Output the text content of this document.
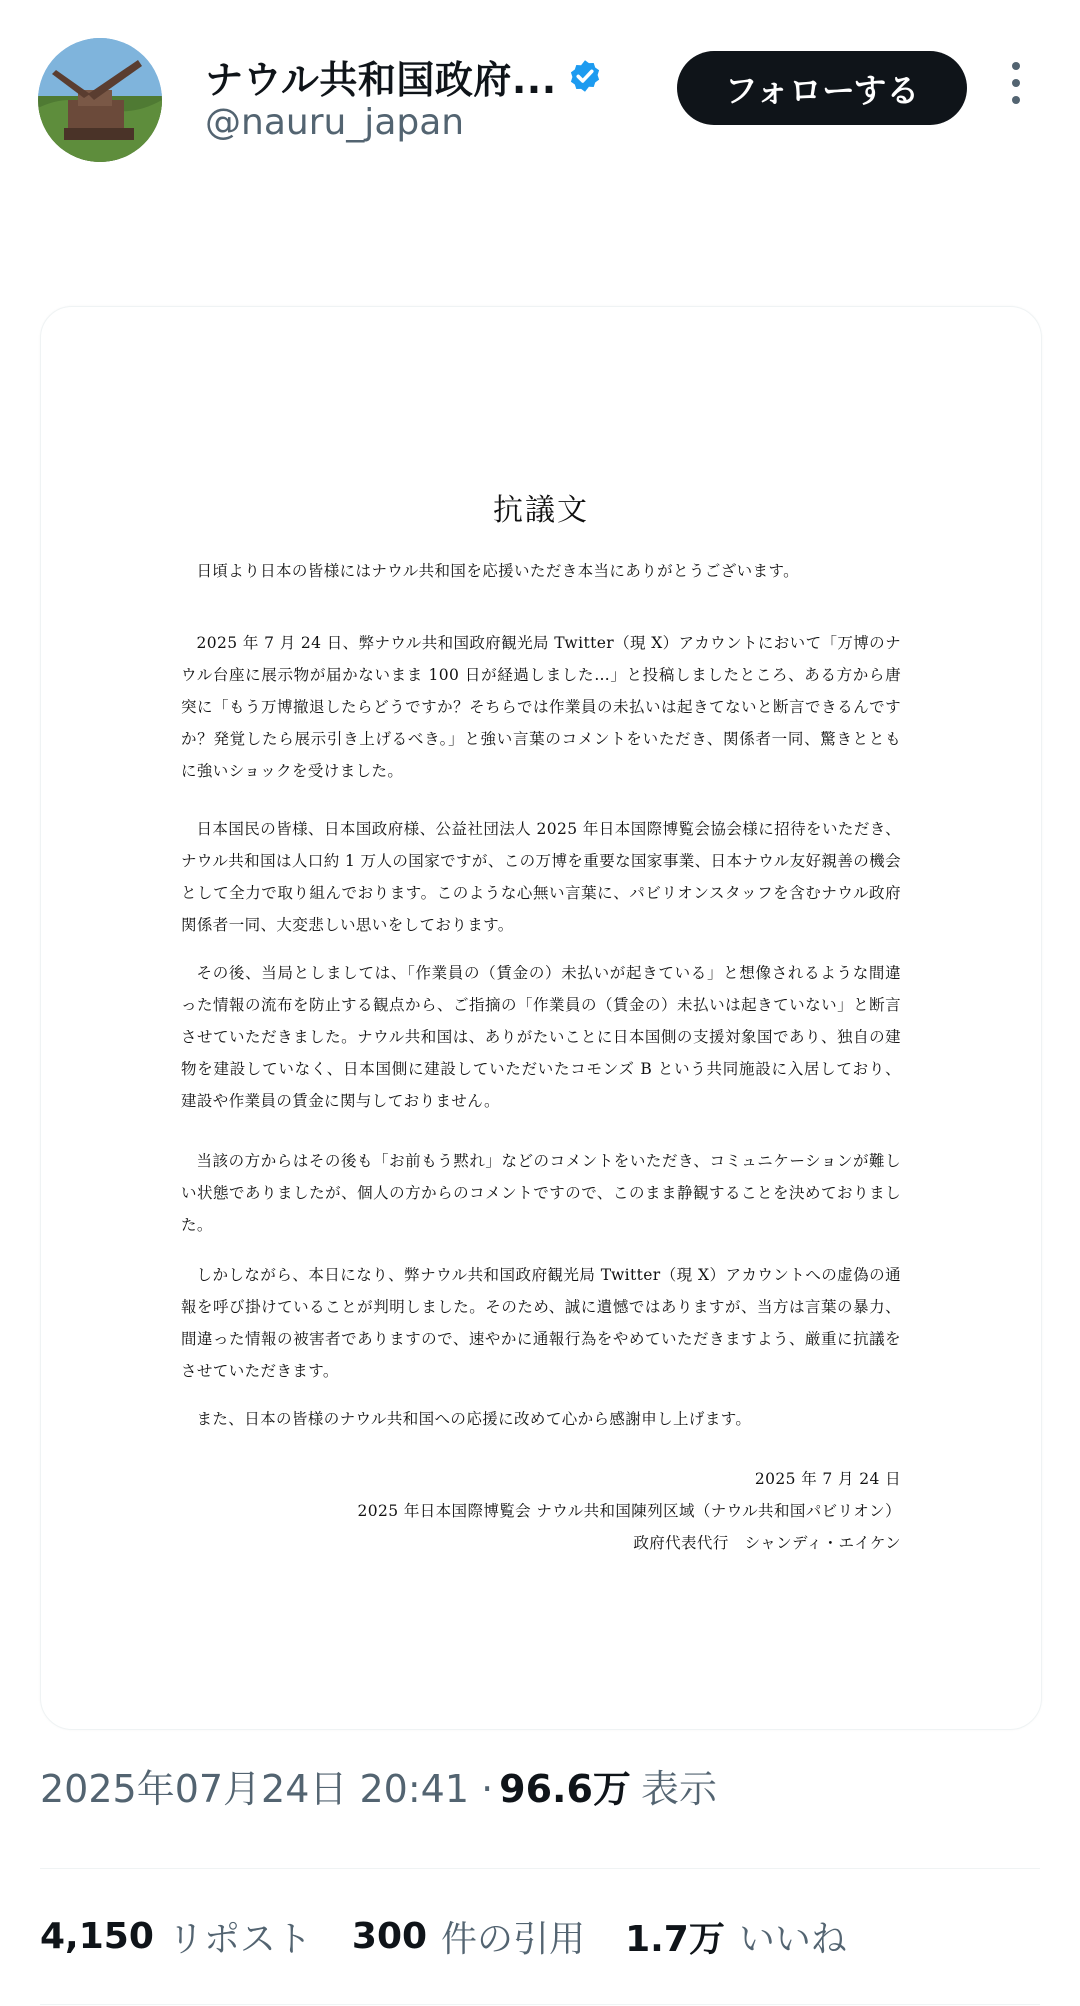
ナウル共和国政府...
@nauru_japan
フォローする
抗議文

日頃より日本の皆様にはナウル共和国を応援いただき本当にありがとうございます。

2025 年 7 月 24 日、弊ナウル共和国政府観光局 Twitter（現 X）アカウントにおいて「万博のナウル台座に展示物が届かないまま 100 日が経過しました…」と投稿しましたところ、ある方から唐突に「もう万博撤退したらどうですか？そちらでは作業員の未払いは起きてないと断言できるんですか？発覚したら展示引き上げるべき。」と強い言葉のコメントをいただき、関係者一同、驚きとともに強いショックを受けました。

日本国民の皆様、日本国政府様、公益社団法人 2025 年日本国際博覧会協会様に招待をいただき、ナウル共和国は人口約 1 万人の国家ですが、この万博を重要な国家事業、日本ナウル友好親善の機会として全力で取り組んでおります。このような心無い言葉に、パビリオンスタッフを含むナウル政府関係者一同、大変悲しい思いをしております。

その後、当局としましては、「作業員の（賃金の）未払いが起きている」と想像されるような間違った情報の流布を防止する観点から、ご指摘の「作業員の（賃金の）未払いは起きていない」と断言させていただきました。ナウル共和国は、ありがたいことに日本国側の支援対象国であり、独自の建物を建設していなく、日本国側に建設していただいたコモンズ B という共同施設に入居しており、建設や作業員の賃金に関与しておりません。

当該の方からはその後も「お前もう黙れ」などのコメントをいただき、コミュニケーションが難しい状態でありましたが、個人の方からのコメントですので、このまま静観することを決めておりました。

しかしながら、本日になり、弊ナウル共和国政府観光局 Twitter（現 X）アカウントへの虚偽の通報を呼び掛けていることが判明しました。そのため、誠に遺憾ではありますが、当方は言葉の暴力、間違った情報の被害者でありますので、速やかに通報行為をやめていただきますよう、厳重に抗議をさせていただきます。

また、日本の皆様のナウル共和国への応援に改めて心から感謝申し上げます。

2025 年 7 月 24 日
2025 年日本国際博覧会 ナウル共和国陳列区域（ナウル共和国パビリオン）
政府代表代行　シャンディ・エイケン
2025年07月24日 20:41 · 96.6万 表示
4,150 リポスト 300 件の引用 1.7万 いいね
